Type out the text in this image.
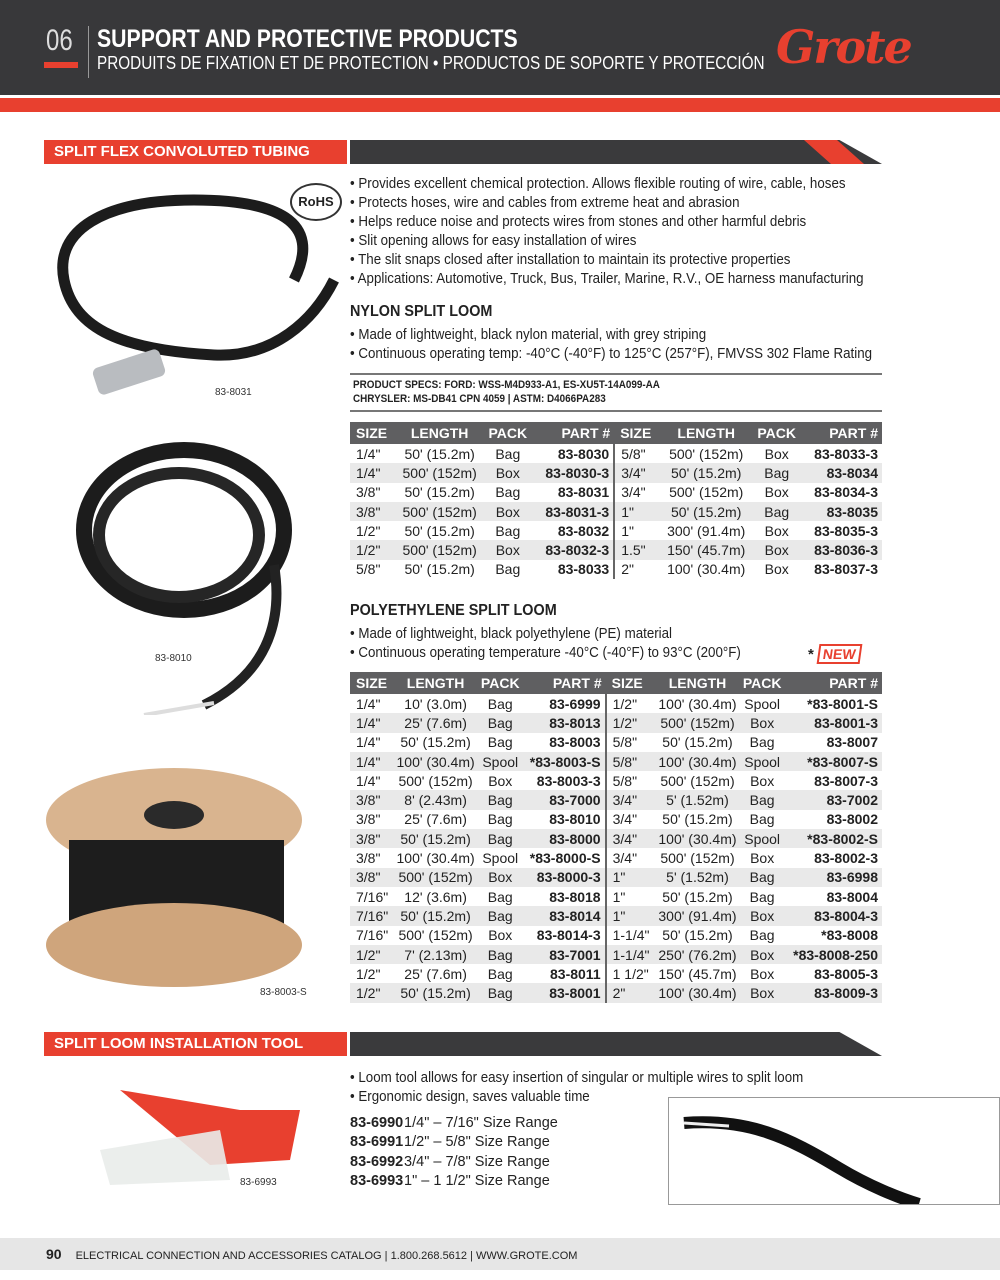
06 SUPPORT AND PROTECTIVE PRODUCTS
PRODUITS DE FIXATION ET DE PROTECTION • PRODUCTOS DE SOPORTE Y PROTECCIÓN Grote
SPLIT FLEX CONVOLUTED TUBING
83-8031
RoHS
83-8010
83-8003-S
• Provides excellent chemical protection. Allows flexible routing of wire, cable, hoses
• Protects hoses, wire and cables from extreme heat and abrasion
• Helps reduce noise and protects wires from stones and other harmful debris
• Slit opening allows for easy installation of wires
• The slit snaps closed after installation to maintain its protective properties
• Applications: Automotive, Truck, Bus, Trailer, Marine, R.V., OE harness manufacturing
NYLON SPLIT LOOM
• Made of lightweight, black nylon material, with grey striping
• Continuous operating temp: -40°C (-40°F) to 125°C (257°F), FMVSS 302 Flame Rating
PRODUCT SPECS: FORD: WSS-M4D933-A1, ES-XU5T-14A099-AA
CHRYSLER: MS-DB41 CPN 4059 | ASTM: D4066PA283
SIZE	LENGTH	PACK	PART #	SIZE	LENGTH	PACK	PART #
1/4"	50' (15.2m)	Bag	83-8030	5/8"	500' (152m)	Box	83-8033-3
1/4"	500' (152m)	Box	83-8030-3	3/4"	50' (15.2m)	Bag	83-8034
3/8"	50' (15.2m)	Bag	83-8031	3/4"	500' (152m)	Box	83-8034-3
3/8"	500' (152m)	Box	83-8031-3	1"	50' (15.2m)	Bag	83-8035
1/2"	50' (15.2m)	Bag	83-8032	1"	300' (91.4m)	Box	83-8035-3
1/2"	500' (152m)	Box	83-8032-3	1.5"	150' (45.7m)	Box	83-8036-3
5/8"	50' (15.2m)	Bag	83-8033	2"	100' (30.4m)	Box	83-8037-3
POLYETHYLENE SPLIT LOOM
• Made of lightweight, black polyethylene (PE) material
• Continuous operating temperature -40°C (-40°F) to 93°C (200°F)	* NEW
SIZE	LENGTH	PACK	PART #	SIZE	LENGTH	PACK	PART #
1/4"	10' (3.0m)	Bag	83-6999	1/2"	100' (30.4m)	Spool	*83-8001-S
1/4"	25' (7.6m)	Bag	83-8013	1/2"	500' (152m)	Box	83-8001-3
1/4"	50' (15.2m)	Bag	83-8003	5/8"	50' (15.2m)	Bag	83-8007
1/4"	100' (30.4m)	Spool	*83-8003-S	5/8"	100' (30.4m)	Spool	*83-8007-S
1/4"	500' (152m)	Box	83-8003-3	5/8"	500' (152m)	Box	83-8007-3
3/8"	8' (2.43m)	Bag	83-7000	3/4"	5' (1.52m)	Bag	83-7002
3/8"	25' (7.6m)	Bag	83-8010	3/4"	50' (15.2m)	Bag	83-8002
3/8"	50' (15.2m)	Bag	83-8000	3/4"	100' (30.4m)	Spool	*83-8002-S
3/8"	100' (30.4m)	Spool	*83-8000-S	3/4"	500' (152m)	Box	83-8002-3
3/8"	500' (152m)	Box	83-8000-3	1"	5' (1.52m)	Bag	83-6998
7/16"	12' (3.6m)	Bag	83-8018	1"	50' (15.2m)	Bag	83-8004
7/16"	50' (15.2m)	Bag	83-8014	1"	300' (91.4m)	Box	83-8004-3
7/16"	500' (152m)	Box	83-8014-3	1-1/4"	50' (15.2m)	Bag	*83-8008
1/2"	7' (2.13m)	Bag	83-7001	1-1/4"	250' (76.2m)	Box	*83-8008-250
1/2"	25' (7.6m)	Bag	83-8011	1 1/2"	150' (45.7m)	Box	83-8005-3
1/2"	50' (15.2m)	Bag	83-8001	2"	100' (30.4m)	Box	83-8009-3
SPLIT LOOM INSTALLATION TOOL
83-6993
• Loom tool allows for easy insertion of singular or multiple wires to split loom
• Ergonomic design, saves valuable time
83-6990 1/4" – 7/16" Size Range
83-6991 1/2" – 5/8" Size Range
83-6992 3/4" – 7/8" Size Range
83-6993 1" – 1 1/2" Size Range
90 ELECTRICAL CONNECTION AND ACCESSORIES CATALOG | 1.800.268.5612 | WWW.GROTE.COM
